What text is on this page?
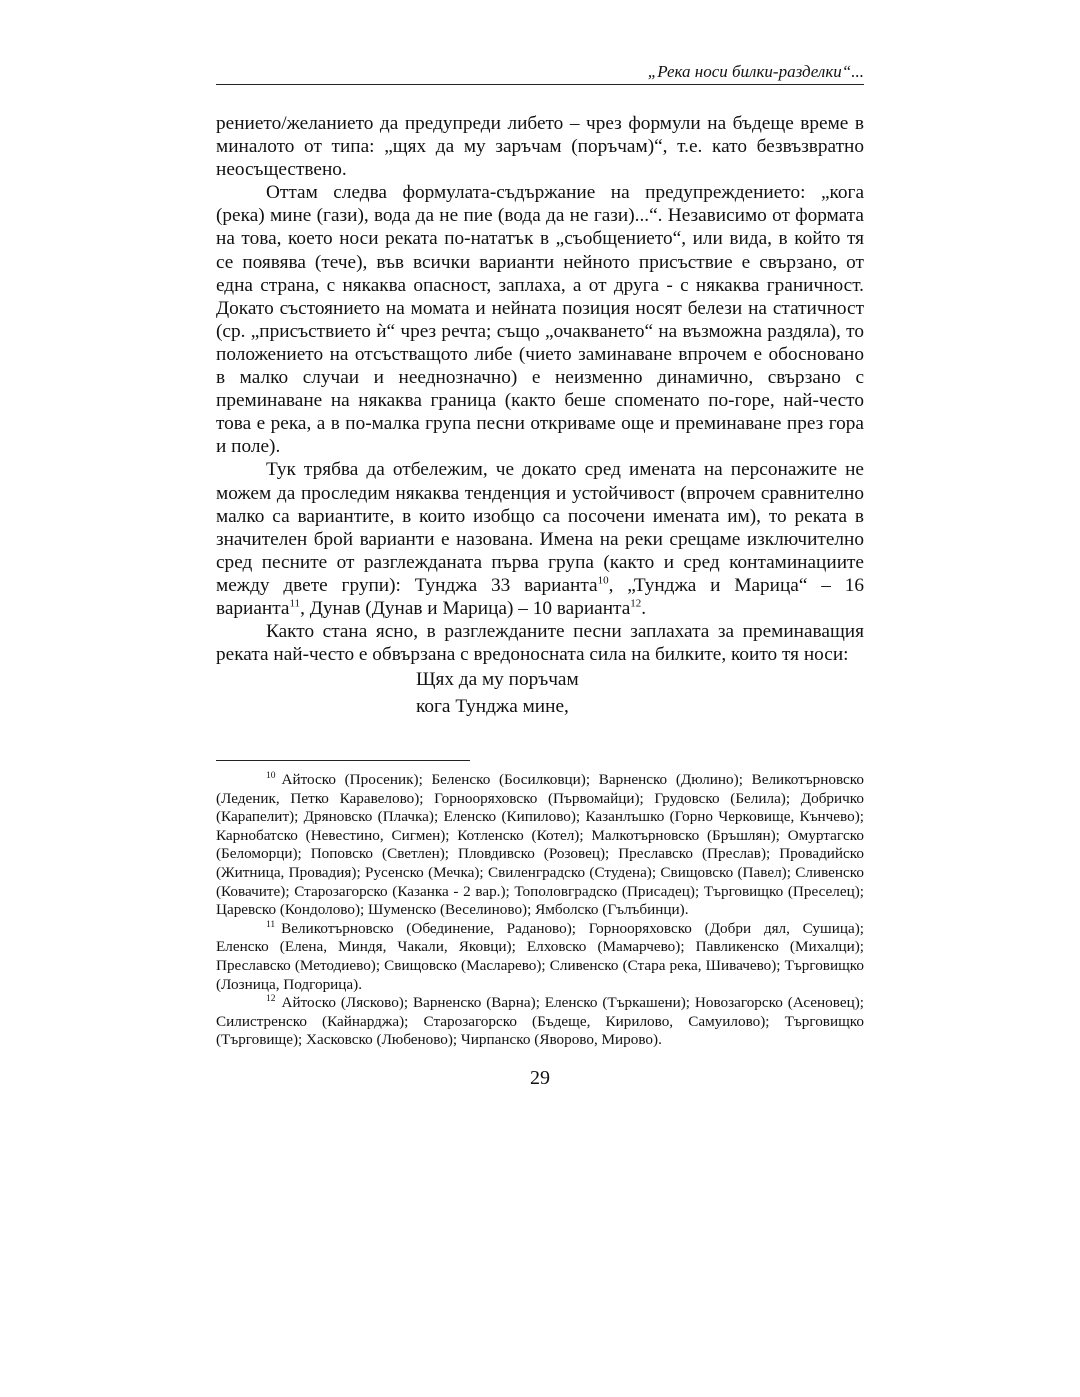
„Река носи билки-разделки“...

рението/желанието да предупреди либето – чрез формули на бъдеще време в миналото от типа: „щях да му заръчам (поръчам)“, т.е. като безвъзвратно неосъществено.

Оттам следва формулата-съдържание на предупреждението: „кога (река) мине (гази), вода да не пие (вода да не гази)...“. Независимо от формата на това, което носи реката по-нататък в „съобщението“, или вида, в който тя се появява (тече), във всички варианти нейното присъствие е свързано, от една страна, с някаква опасност, заплаха, а от друга - с някаква граничност. Докато състоянието на момата и нейната позиция носят белези на статичност (ср. „присъствието ѝ“ чрез речта; също „очакването“ на възможна раздяла), то положението на отсъстващото либе (чието заминаване впрочем е обосновано в малко случаи и нееднозначно) е неизменно динамично, свързано с преминаване на някаква граница (както беше споменато по-горе, най-често това е река, а в по-малка група песни откриваме още и преминаване през гора и поле).

Тук трябва да отбележим, че докато сред имената на персонажите не можем да проследим някаква тенденция и устойчивост (впрочем сравнително малко са вариантите, в които изобщо са посочени имената им), то реката в значителен брой варианти е назована. Имена на реки срещаме изключително сред песните от разглежданата първа група (както и сред контаминациите между двете групи): Тунджа 33 варианта$^{10}$, „Тунджа и Марица“ – 16 варианта$^{11}$, Дунав (Дунав и Марица) – 10 варианта$^{12}$.

Както стана ясно, в разглежданите песни заплахата за преминаващия реката най-често е обвързана с вредоносната сила на билките, които тя носи:

Щях да му поръчам
кога Тунджа мине,

$^{10}$ Айтоско (Просеник); Беленско (Босилковци); Варненско (Дюлино); Великотърновско (Леденик, Петко Каравелово); Горнооряховско (Първомайци); Грудовско (Белила); Добричко (Карапелит); Дряновско (Плачка); Еленско (Кипилово); Казанлъшко (Горно Черковище, Кънчево); Карнобатско (Невестино, Сигмен); Котленско (Котел); Малкотърновско (Бръшлян); Омуртагско (Беломорци); Поповско (Светлен); Пловдивско (Розовец); Преславско (Преслав); Провадийско (Житница, Провадия); Русенско (Мечка); Свиленградско (Студена); Свищовско (Павел); Сливенско (Ковачите); Старозагорско (Казанка - 2 вар.); Тополовградско (Присадец); Търговищко (Преселец); Царевско (Кондолово); Шуменско (Веселиново); Ямболско (Гълъбинци).

$^{11}$ Великотърновско (Обединение, Раданово); Горнооряховско (Добри дял, Сушица); Еленско (Елена, Миндя, Чакали, Яковци); Елховско (Мамарчево); Павликенско (Михалци); Преславско (Методиево); Свищовско (Масларево); Сливенско (Стара река, Шивачево); Търговищко (Лозница, Подгорица).

$^{12}$ Айтоско (Лясково); Варненско (Варна); Еленско (Търкашени); Новозагорско (Асеновец); Силистренско (Кайнарджа); Старозагорско (Бъдеще, Кирилово, Самуилово); Търговищко (Търговище); Хасковско (Любеново); Чирпанско (Яворово, Мирово).

29
